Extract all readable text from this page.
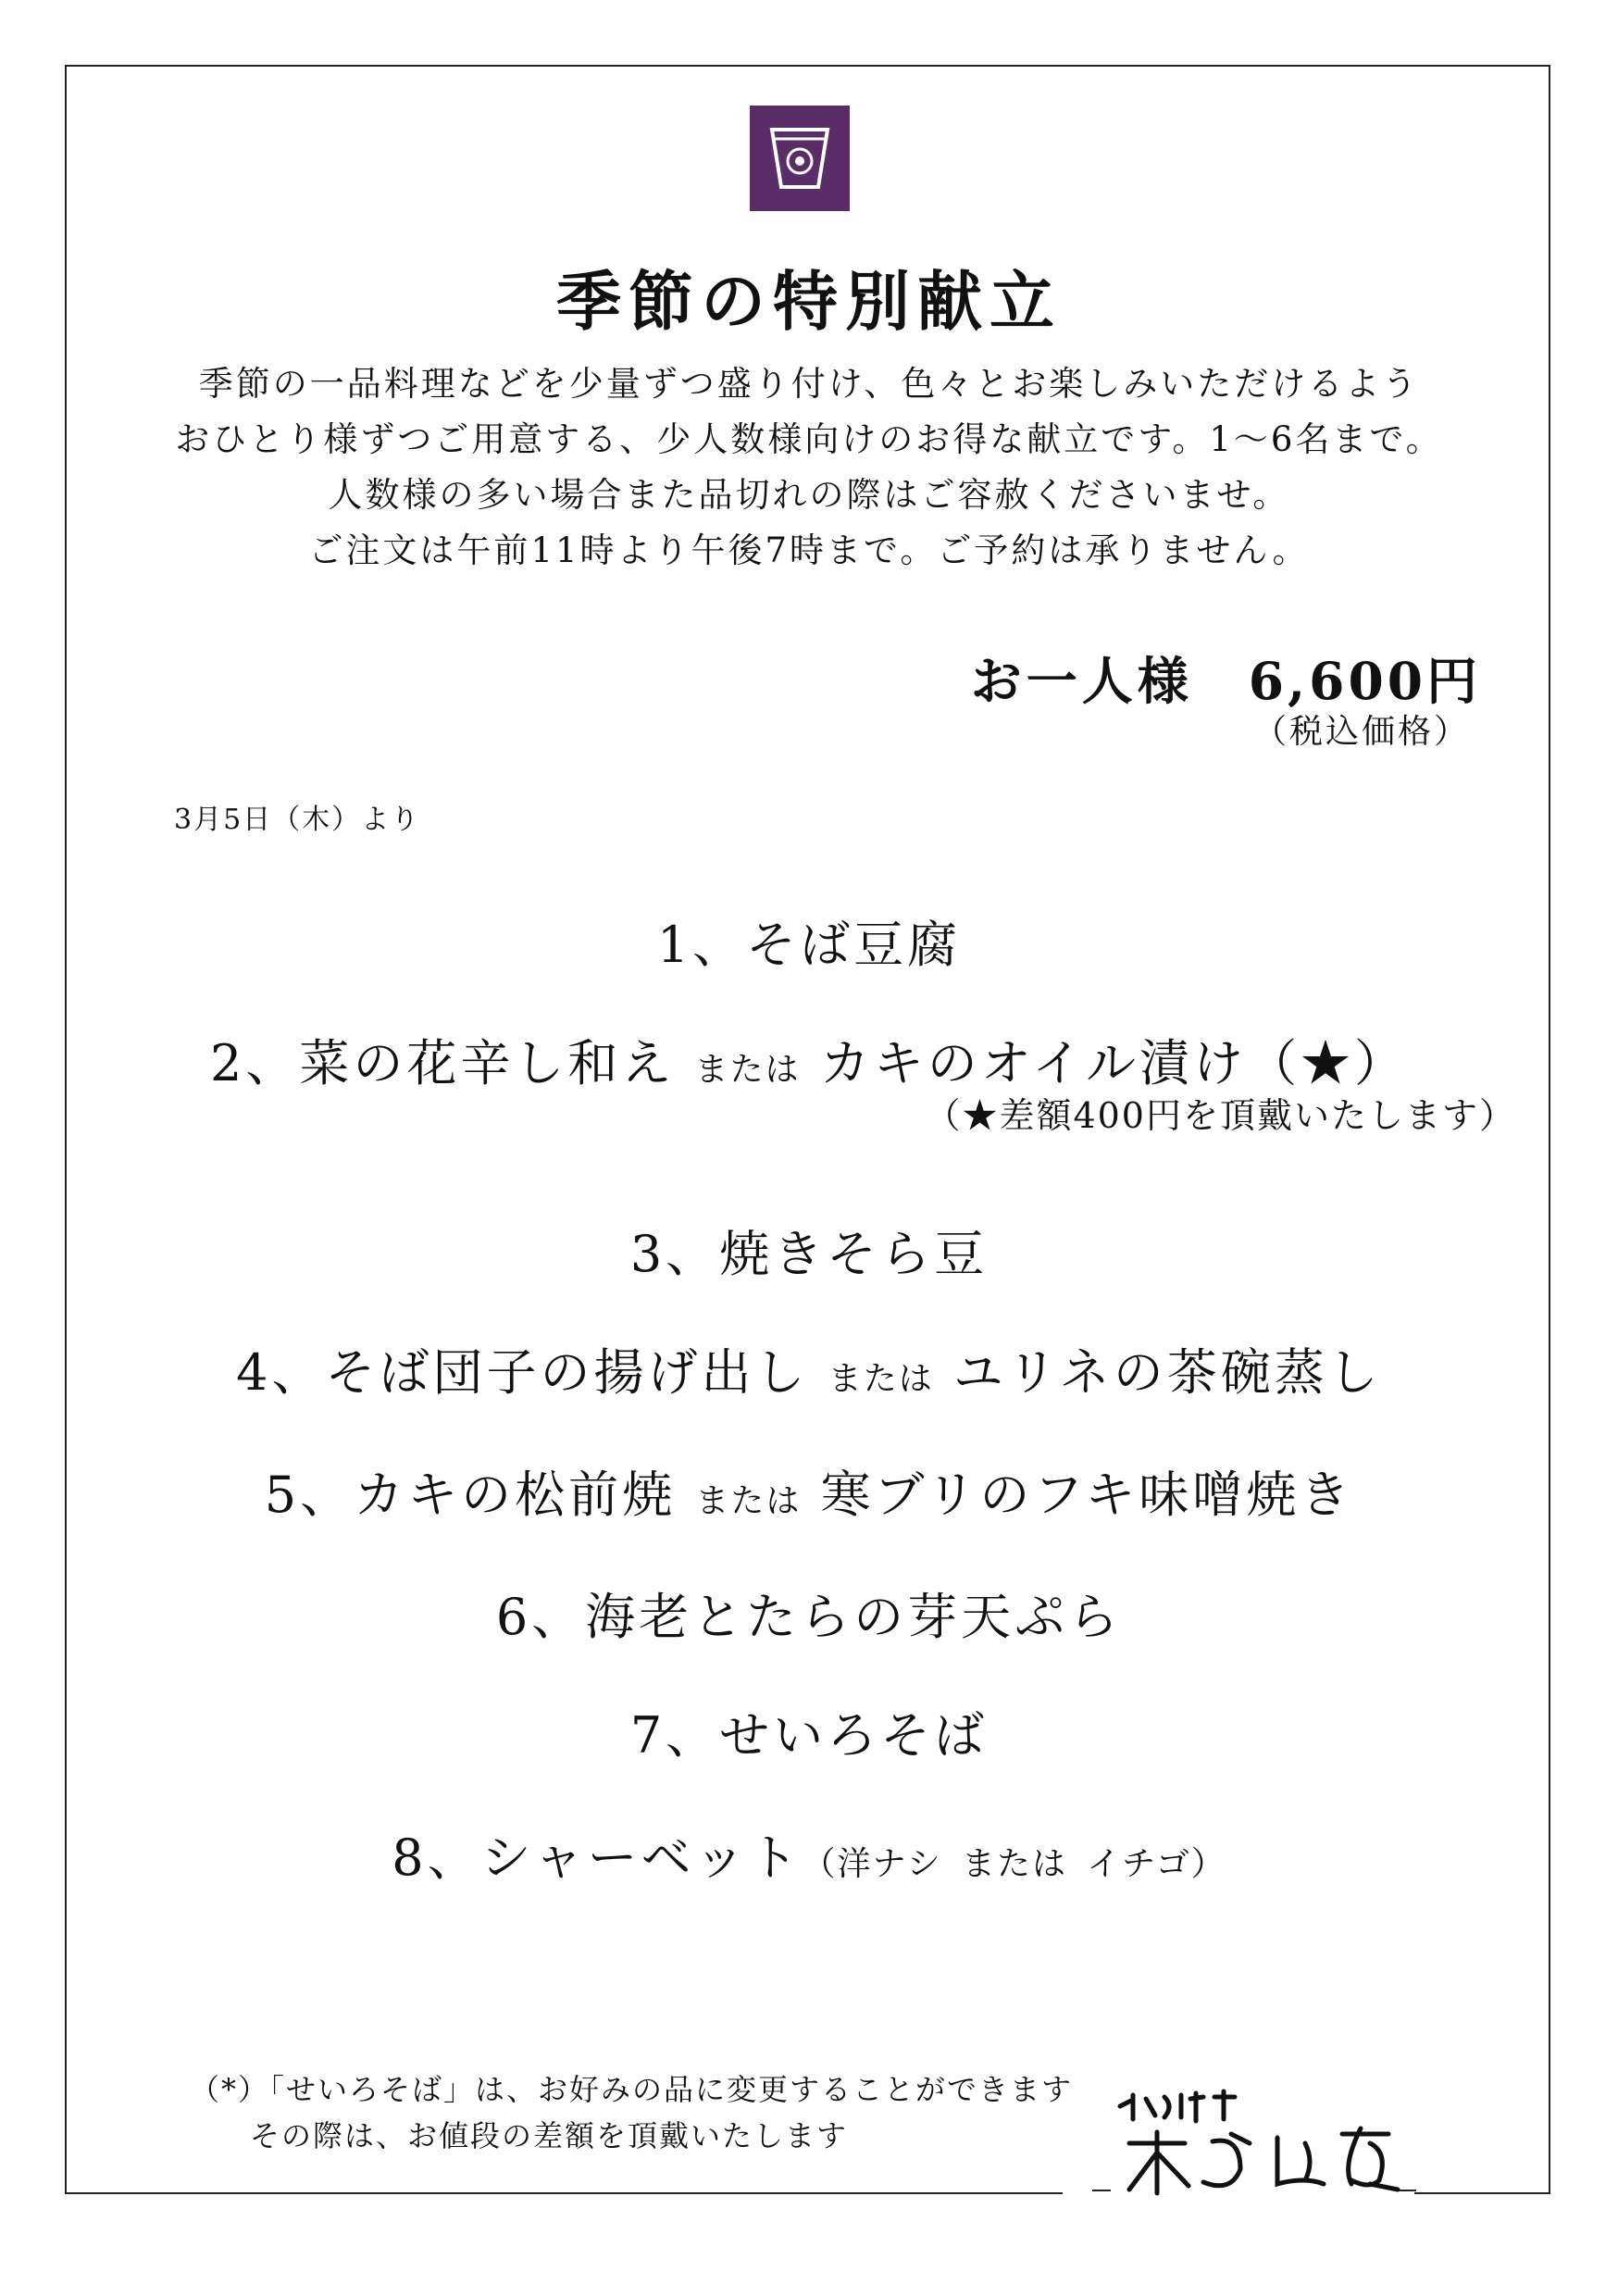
季節の特別献立
季節の一品料理などを少量ずつ盛り付け、色々とお楽しみいただけるよう
おひとり様ずつご用意する、少人数様向けのお得な献立です。1〜6名まで。
人数様の多い場合また品切れの際はご容赦くださいませ。
ご注文は午前11時より午後7時まで。ご予約は承りません。
お一人様 6,600円
（税込価格）
3月5日（木）より
1、そば豆腐
2、菜の花辛し和え または カキのオイル漬け（★）
（★差額400円を頂戴いたします）
3、焼きそら豆
4、そば団子の揚げ出し または ユリネの茶碗蒸し
5、カキの松前焼 または 寒ブリのフキ味噌焼き
6、海老とたらの芽天ぷら
7、せいろそば
8、シャーベット（洋ナシ または イチゴ）
（*）「せいろそば」は、お好みの品に変更することができます
その際は、お値段の差額を頂戴いたします
